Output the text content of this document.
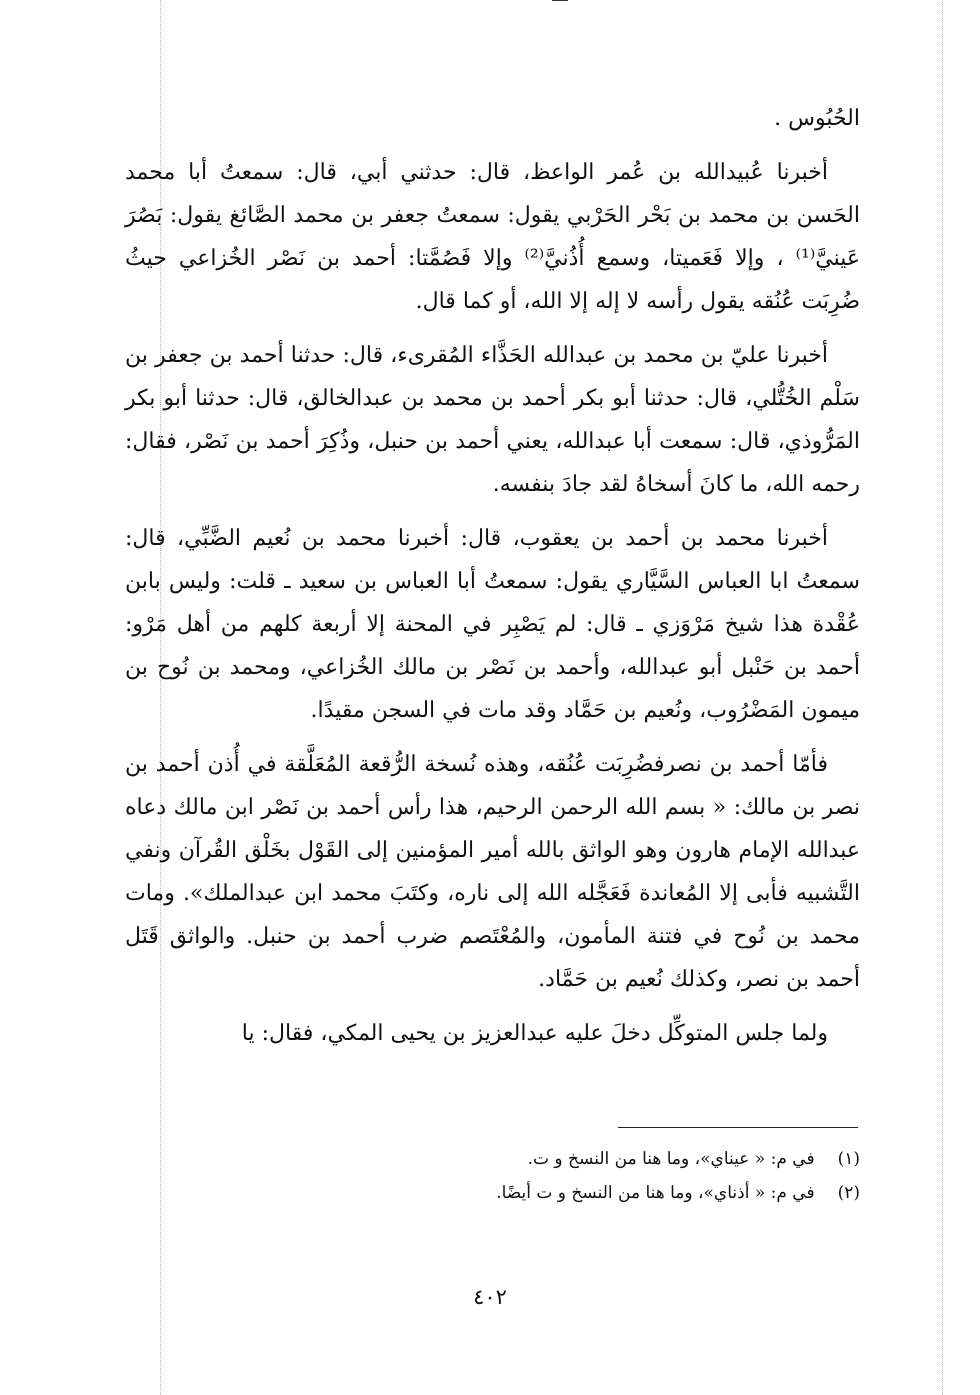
الحُبُوس .

أخبرنا عُبيدالله بن عُمر الواعظ، قال: حدثني أبي، قال: سمعتُ أبا محمد الحَسن بن محمد بن بَحْر الحَرْبي يقول: سمعتُ جعفر بن محمد الصَّائغ يقول: بَصُرَ عَينيَّ⁽¹⁾ ، وإلا فَعَميتا، وسمع أُذُنيَّ⁽²⁾ وإلا فَصُمَّتا: أحمد بن نَصْر الخُزاعي حيثُ ضُرِبَت عُنُقه يقول رأسه لا إله إلا الله، أو كما قال.

أخبرنا عليّ بن محمد بن عبدالله الحَذَّاء المُقرىء، قال: حدثنا أحمد بن جعفر بن سَلْم الخُتُّلي، قال: حدثنا أبو بكر أحمد بن محمد بن عبدالخالق، قال: حدثنا أبو بكر المَرُّوذي، قال: سمعت أبا عبدالله، يعني أحمد بن حنبل، وذُكِرَ أحمد بن نَصْر، فقال: رحمه الله، ما كانَ أسخاهُ لقد جادَ بنفسه.

أخبرنا محمد بن أحمد بن يعقوب، قال: أخبرنا محمد بن نُعيم الضَّبِّي، قال: سمعتُ ابا العباس السَّيَّاري يقول: سمعتُ أبا العباس بن سعيد ـ قلت: وليس بابن عُقْدة هذا شيخ مَرْوَزي ـ قال: لم يَصْبِر في المحنة إلا أربعة كلهم من أهل مَرْو: أحمد بن حَنْبل أبو عبدالله، وأحمد بن نَصْر بن مالك الخُزاعي، ومحمد بن نُوح بن ميمون المَضْرُوب، ونُعيم بن حَمَّاد وقد مات في السجن مقيدًا.

فأمّا أحمد بن نصرفضُرِبَت عُنُقه، وهذه نُسخة الرُّقعة المُعَلَّقة في أُذن أحمد بن نصر بن مالك: « بسم الله الرحمن الرحيم، هذا رأس أحمد بن نَصْر ابن مالك دعاه عبدالله الإمام هارون وهو الواثق بالله أمير المؤمنين إلى القَوْل بخَلْق القُرآن ونفي التَّشبيه فأبى إلا المُعاندة فَعَجَّله الله إلى ناره، وكتَبَ محمد ابن عبدالملك». ومات محمد بن نُوح في فتنة المأمون، والمُعْتَصم ضرب أحمد بن حنبل. والواثق قَتَل أحمد بن نصر، وكذلك نُعيم بن حَمَّاد.

ولما جلس المتوكِّل دخلَ عليه عبدالعزيز بن يحيى المكي، فقال: يا

(١) في م: « عيناي»، وما هنا من النسخ و ت.

(٢) في م: « أذناي»، وما هنا من النسخ و ت أيضًا.

٤٠٢
